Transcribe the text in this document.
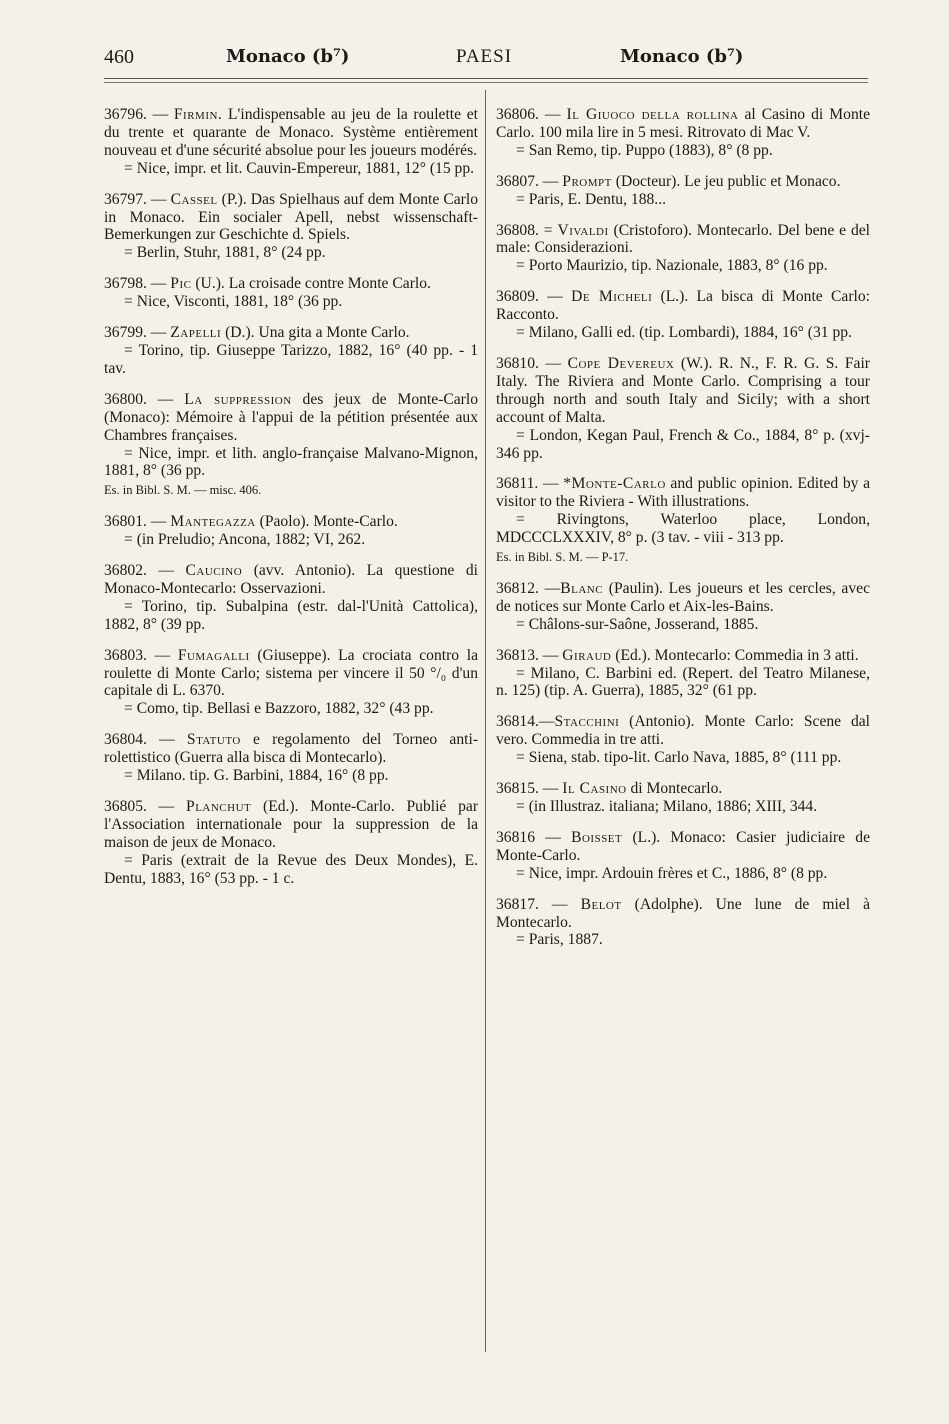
460	Monaco (b⁷)	PAESI	Monaco (b⁷)

36796. — Firmin. L'indispensable au jeu de la roulette et du trente et quarante de Monaco. Système entièrement nouveau et d'une sécurité absolue pour les joueurs modérés.

= Nice, impr. et lit. Cauvin-Empereur, 1881, 12° (15 pp.

36797. — Cassel (P.). Das Spielhaus auf dem Monte Carlo in Monaco. Ein socialer Apell, nebst wissenschaft-Bemerkungen zur Geschichte d. Spiels.

= Berlin, Stuhr, 1881, 8° (24 pp.

36798. — Pic (U.). La croisade contre Monte Carlo.

= Nice, Visconti, 1881, 18° (36 pp.

36799. — Zapelli (D.). Una gita a Monte Carlo.

= Torino, tip. Giuseppe Tarizzo, 1882, 16° (40 pp. - 1 tav.

36800. — La suppression des jeux de Monte-Carlo (Monaco): Mémoire à l'appui de la pétition présentée aux Chambres françaises.

= Nice, impr. et lith. anglo-française Malvano-Mignon, 1881, 8° (36 pp.

Es. in Bibl. S. M. — misc. 406.

36801. — Mantegazza (Paolo). Monte-Carlo.

= (in Preludio; Ancona, 1882; VI, 262.

36802. — Caucino (avv. Antonio). La questione di Monaco-Montecarlo: Osservazioni.

= Torino, tip. Subalpina (estr. dal-l'Unità Cattolica), 1882, 8° (39 pp.

36803. — Fumagalli (Giuseppe). La crociata contro la roulette di Monte Carlo; sistema per vincere il 50 °/₀ d'un capitale di L. 6370.

= Como, tip. Bellasi e Bazzoro, 1882, 32° (43 pp.

36804. — Statuto e regolamento del Torneo anti-rolettistico (Guerra alla bisca di Montecarlo).

= Milano. tip. G. Barbini, 1884, 16° (8 pp.

36805. — Planchut (Ed.). Monte-Carlo. Publié par l'Association internationale pour la suppression de la maison de jeux de Monaco.

= Paris (extrait de la Revue des Deux Mondes), E. Dentu, 1883, 16° (53 pp. - 1 c.

36806. — Il Giuoco della rollina al Casino di Monte Carlo. 100 mila lire in 5 mesi. Ritrovato di Mac V.

= San Remo, tip. Puppo (1883), 8° (8 pp.

36807. — Prompt (Docteur). Le jeu public et Monaco.

= Paris, E. Dentu, 188...

36808. = Vivaldi (Cristoforo). Montecarlo. Del bene e del male: Considerazioni.

= Porto Maurizio, tip. Nazionale, 1883, 8° (16 pp.

36809. — De Micheli (L.). La bisca di Monte Carlo: Racconto.

= Milano, Galli ed. (tip. Lombardi), 1884, 16° (31 pp.

36810. — Cope Devereux (W.). R. N., F. R. G. S. Fair Italy. The Riviera and Monte Carlo. Comprising a tour through north and south Italy and Sicily; with a short account of Malta.

= London, Kegan Paul, French & Co., 1884, 8° p. (xvj-346 pp.

36811. — *Monte-Carlo and public opinion. Edited by a visitor to the Riviera - With illustrations.

= Rivingtons, Waterloo place, London, MDCCCLXXXIV, 8° p. (3 tav. - viii - 313 pp.

Es. in Bibl. S. M. — P-17.

36812. —Blanc (Paulin). Les joueurs et les cercles, avec de notices sur Monte Carlo et Aix-les-Bains.

= Châlons-sur-Saône, Josserand, 1885.

36813. — Giraud (Ed.). Montecarlo: Commedia in 3 atti.

= Milano, C. Barbini ed. (Repert. del Teatro Milanese, n. 125) (tip. A. Guerra), 1885, 32° (61 pp.

36814.—Stacchini (Antonio). Monte Carlo: Scene dal vero. Commedia in tre atti.

= Siena, stab. tipo-lit. Carlo Nava, 1885, 8° (111 pp.

36815. — Il Casino di Montecarlo.

= (in Illustraz. italiana; Milano, 1886; XIII, 344.

36816 — Boisset (L.). Monaco: Casier judiciaire de Monte-Carlo.

= Nice, impr. Ardouin frères et C., 1886, 8° (8 pp.

36817. — Belot (Adolphe). Une lune de miel à Montecarlo.

= Paris, 1887.
